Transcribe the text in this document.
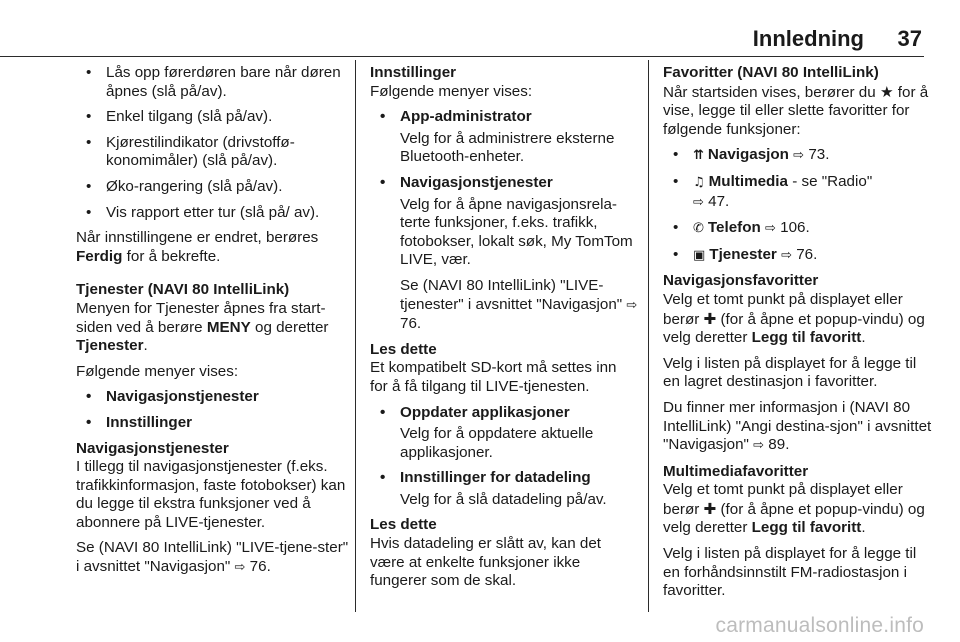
Innledning 37
• Lås opp førerdøren bare når døren åpnes (slå på/av).
• Enkel tilgang (slå på/av).
• Kjørestilindikator (drivstoffø-konomimåler) (slå på/av).
• Øko-rangering (slå på/av).
• Vis rapport etter tur (slå på/ av).
Når innstillingene er endret, berøres Ferdig for å bekrefte.
Tjenester (NAVI 80 IntelliLink)
Menyen for Tjenester åpnes fra start-siden ved å berøre MENY og deretter Tjenester.
Følgende menyer vises:
• Navigasjonstjenester
• Innstillinger
Navigasjonstjenester
I tillegg til navigasjonstjenester (f.eks. trafikkinformasjon, faste fotobokser) kan du legge til ekstra funksjoner ved å abonnere på LIVE-tjenester.
Se (NAVI 80 IntelliLink) "LIVE-tjene-ster" i avsnittet "Navigasjon" ⇨ 76.
Innstillinger
Følgende menyer vises:
• App-administrator
Velg for å administrere eksterne Bluetooth-enheter.
• Navigasjonstjenester
Velg for å åpne navigasjonsrela-terte funksjoner, f.eks. trafikk, fotobokser, lokalt søk, My TomTom LIVE, vær.
Se (NAVI 80 IntelliLink) "LIVE-tjenester" i avsnittet "Navigasjon" ⇨ 76.
Les dette
Et kompatibelt SD-kort må settes inn for å få tilgang til LIVE-tjenesten.
• Oppdater applikasjoner
Velg for å oppdatere aktuelle applikasjoner.
• Innstillinger for datadeling
Velg for å slå datadeling på/av.
Les dette
Hvis datadeling er slått av, kan det være at enkelte funksjoner ikke fungerer som de skal.
Favoritter (NAVI 80 IntelliLink)
Når startsiden vises, berører du ★ for å vise, legge til eller slette favoritter for følgende funksjoner:
• ⇈ Navigasjon ⇨ 73.
• ♫ Multimedia - se "Radio"
⇨ 47.
• ✆ Telefon ⇨ 106.
• ▣ Tjenester ⇨ 76.
Navigasjonsfavoritter
Velg et tomt punkt på displayet eller berør ✚ (for å åpne et popup-vindu) og velg deretter Legg til favoritt.
Velg i listen på displayet for å legge til en lagret destinasjon i favoritter.
Du finner mer informasjon i (NAVI 80 IntelliLink) "Angi destina-sjon" i avsnittet "Navigasjon" ⇨ 89.
Multimediafavoritter
Velg et tomt punkt på displayet eller berør ✚ (for å åpne et popup-vindu) og velg deretter Legg til favoritt.
Velg i listen på displayet for å legge til en forhåndsinnstilt FM-radiostasjon i favoritter.
carmanualsonline.info
